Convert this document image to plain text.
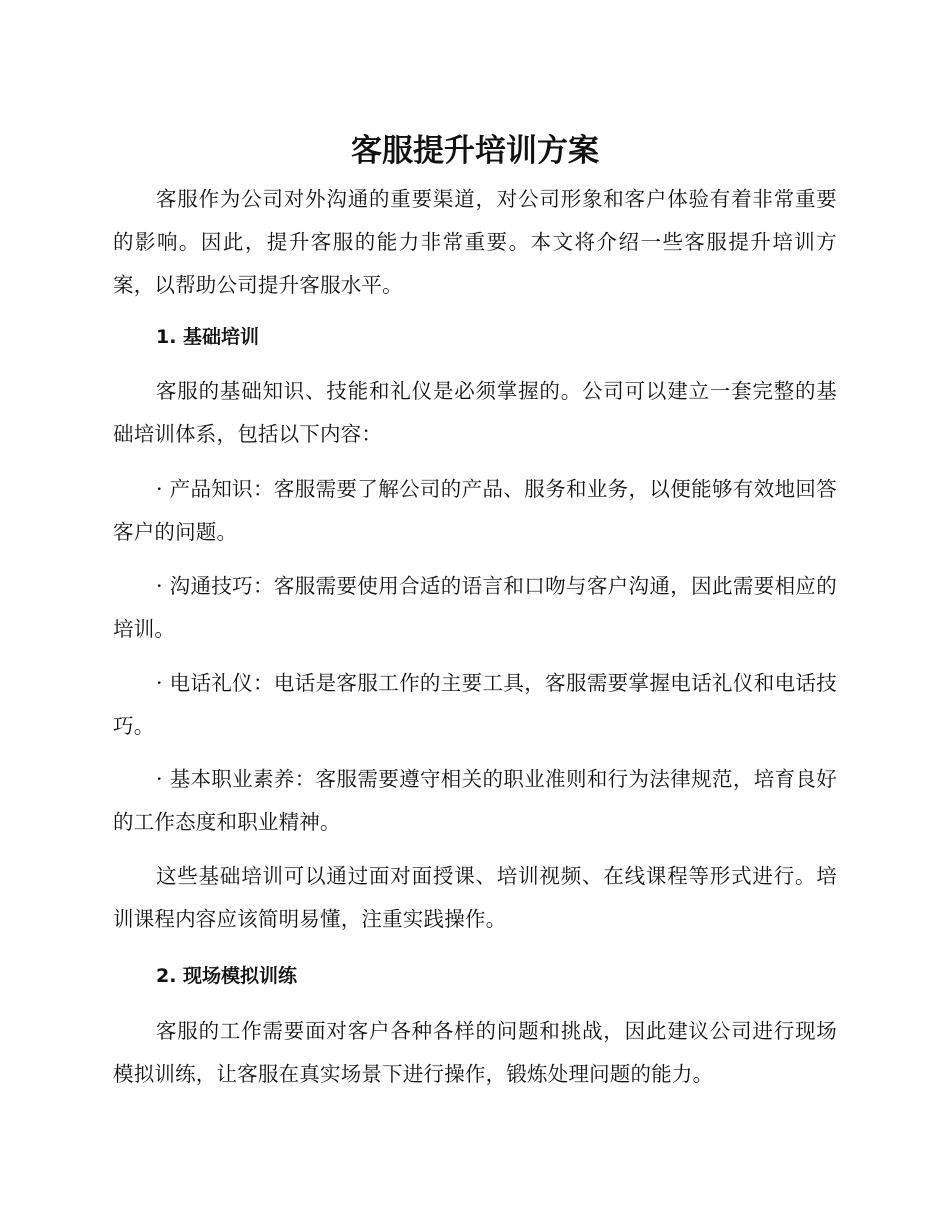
客服提升培训方案

客服作为公司对外沟通的重要渠道，对公司形象和客户体验有着非常重要的影响。因此，提升客服的能力非常重要。本文将介绍一些客服提升培训方案，以帮助公司提升客服水平。

1. 基础培训

客服的基础知识、技能和礼仪是必须掌握的。公司可以建立一套完整的基础培训体系，包括以下内容：

· 产品知识：客服需要了解公司的产品、服务和业务，以便能够有效地回答客户的问题。

· 沟通技巧：客服需要使用合适的语言和口吻与客户沟通，因此需要相应的培训。

· 电话礼仪：电话是客服工作的主要工具，客服需要掌握电话礼仪和电话技巧。

· 基本职业素养：客服需要遵守相关的职业准则和行为法律规范，培育良好的工作态度和职业精神。

这些基础培训可以通过面对面授课、培训视频、在线课程等形式进行。培训课程内容应该简明易懂，注重实践操作。

2. 现场模拟训练

客服的工作需要面对客户各种各样的问题和挑战，因此建议公司进行现场模拟训练，让客服在真实场景下进行操作，锻炼处理问题的能力。
